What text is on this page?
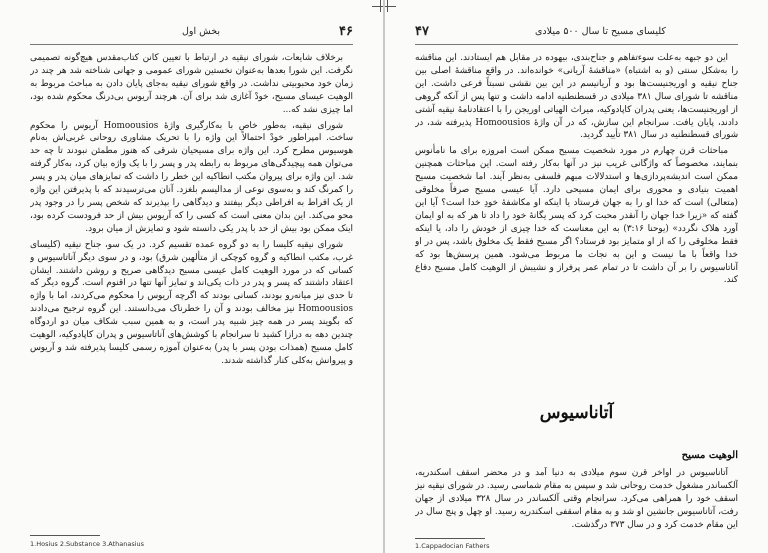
بخش اول	۴۶

برخلاف شایعات، شورای نیقیه در ارتباط با تعیین کانن کتاب‌مقدس هیچ‌گونه تصمیمی نگرفت. این شورا بعدها به‌عنوان نخستین شورای عمومی و جهانی شناخته شد هر چند در زمان خود محبوبیتی نداشت. در واقع شورای نیقیه به‌جای پایان دادن به مباحث مربوط به الوهیت عیسای مسیح، خودْ آغازی شد برای آن. هرچند آریوس بی‌درنگ محکوم شده بود، اما چیزی نشد که...

شورای نیقیه، به‌طور خاص با به‌کارگیری واژهٔ Homoousios آریوس را محکوم ساخت. امپراطور خودْ احتمالاً این واژه را با تحریک مشاوری روحانی غربی‌اش به‌نام هوسیوس مطرح کرد. این واژه برای مسیحیان شرقی که هنوز مطمئن نبودند تا چه حد می‌توان همه پیچیدگی‌های مربوط به رابطه پدر و پسر را با یک واژه بیان کرد، به‌کار گرفته شد. این واژه برای پیروان مکتب انطاکیه این خطر را داشت که تمایزهای میان پدر و پسر را کمرنگ کند و به‌سوی نوعی از مدالیسم بلغزد. آنان می‌ترسیدند که با پذیرفتن این واژه از یک افراط به افراطی دیگر بیفتند و دیدگاهی را بپذیرند که شخص پسر را در وجود پدر محو می‌کند. این بدان معنی است که کسی را که آریوس بیش از حد فرودست کرده بود، اینک ممکن بود بیش از حد با پدر یکی دانسته شود و تمایزش از میان برود.

شورای نیقیه کلیسا را به دو گروه عمده تقسیم کرد. در یک سو، جناح نیقیه (کلیسای غرب، مکتب انطاکیه و گروه کوچکی از متألهین شرق) بود، و در سوی دیگر آناتاسیوس و کسانی که در مورد الوهیت کامل عیسی مسیح دیدگاهی صریح و روشن داشتند. ایشان اعتقاد داشتند که پسر و پدر در ذات یکی‌اند و تمایز آنها تنها در اقنوم است. گروه دیگر که تا حدی نیز میانه‌رو بودند، کسانی بودند که اگرچه آریوس را محکوم می‌کردند، اما با واژه Homoousios نیز مخالف بودند و آن را خطرناک می‌دانستند. این گروه ترجیح می‌دادند که بگویند پسر در همه چیز شبیه پدر است، و به همین سبب شکاف میان دو اردوگاه چندین دهه به درازا کشید تا سرانجام با کوشش‌های آناتاسیوس و پدران کاپادوکیه، الوهیت کامل مسیح (همذات بودن پسر با پدر) به‌عنوان آموزه رسمی کلیسا پذیرفته شد و آریوس و پیروانش به‌کلی کنار گذاشته شدند.

1.Hosius 2.Substance 3.Athanasius
۴۷	کلیسای مسیح تا سال ۵۰۰ میلادی

این دو جبهه به‌علت سوءتفاهم و جناح‌بندی، بیهوده در مقابل هم ایستادند. این مناقشه را به‌شکل سنتی (و به اشتباه) «مناقشهٔ آریانی» خوانده‌اند. در واقع مناقشهٔ اصلی بین جناح نیقیه و اوریجنیست‌ها بود و آریانیسم در این بین نقشی نسبتاً فرعی داشت. این مناقشه تا شورای سال ۳۸۱ میلادی در قسطنطنیه ادامه داشت و تنها پس از آنکه گروهی از اوریجنیست‌ها، یعنی پدران کاپادوکیه، میراث الهیاتی اوریجن را با اعتقادنامهٔ نیقیه آشتی دادند، پایان یافت. سرانجام این سازش، که در آن واژهٔ Homoousios پذیرفته شد، در شورای قسطنطنیه در سال ۳۸۱ تأیید گردید.

مباحثات قرن چهارم در مورد شخصیت مسیح ممکن است امروزه برای ما نامأنوس بنمایند، مخصوصاً که واژگانی غریب نیز در آنها به‌کار رفته است. این مباحثات همچنین ممکن است اندیشه‌پردازی‌ها و استدلالات مبهم فلسفی به‌نظر آیند. اما شخصیت مسیح اهمیت بنیادی و محوری برای ایمان مسیحی دارد. آیا عیسی مسیح صرفاً مخلوقی (متعالی) است که خدا او را به جهان فرستاد یا اینکه او مکاشفهٔ خودِ خدا است؟ آیا این گفته که «زیرا خدا جهان را آنقدر محبت کرد که پسر یگانهٔ خود را داد تا هر که به او ایمان آورد هلاک نگردد» (یوحنا ۳:۱۶) به این معناست که خدا چیزی از خودش را داد، یا اینکه فقط مخلوقی را که از او متمایز بود فرستاد؟ اگر مسیح فقط یک مخلوق باشد، پس در او خدا واقعاً با ما نیست و این به نجات ما مربوط می‌شود. همین پرسش‌ها بود که آناتاسیوس را بر آن داشت تا در تمام عمر پرفراز و نشیبش از الوهیت کامل مسیح دفاع کند.

آتاناسیوس
الوهیت مسیح

آتاناسیوس در اواخر قرن سوم میلادی به دنیا آمد و در محضر اسقف اسکندریه، آلکساندر مشغول خدمت روحانی شد و سپس به مقام شماسی رسید. در شورای نیقیه نیز اسقف خود را همراهی می‌کرد. سرانجام وقتی آلکساندر در سال ۳۲۸ میلادی از جهان رفت، آتاناسیوس جانشین او شد و به مقام اسقفی اسکندریه رسید. او چهل و پنج سال در این مقام خدمت کرد و در سال ۳۷۳ درگذشت.

1.Cappadocian Fathers
